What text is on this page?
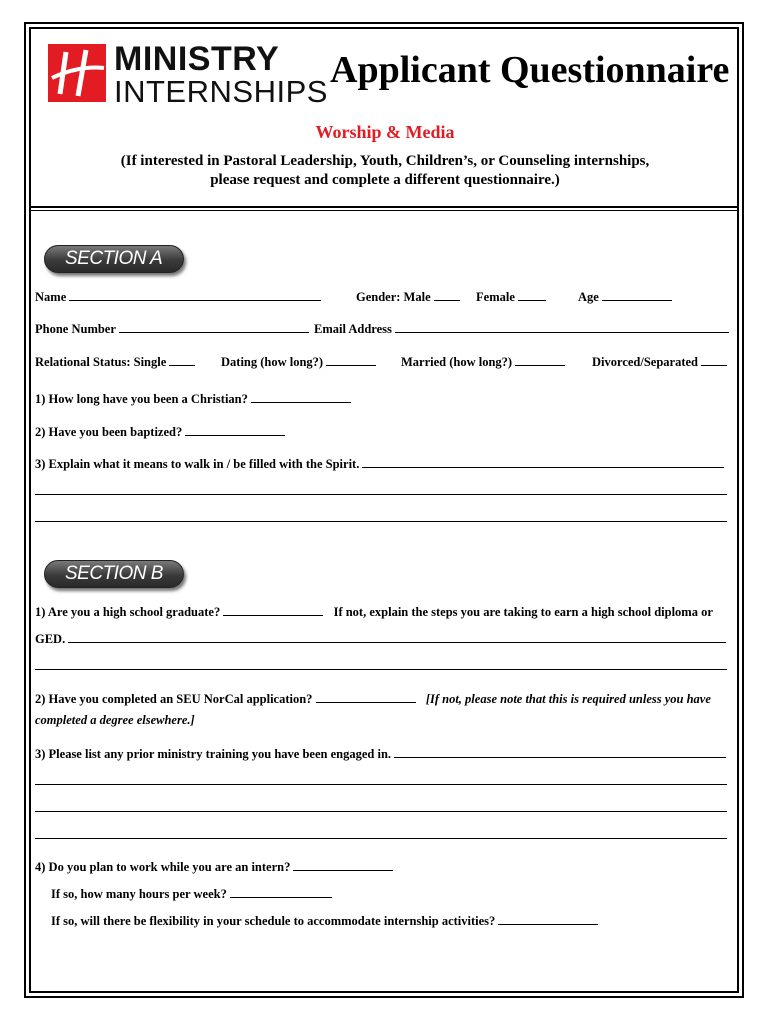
MINISTRY
INTERNSHIPS
Applicant Questionnaire
Worship & Media
(If interested in Pastoral Leadership, Youth, Children’s, or Counseling internships,
please request and complete a different questionnaire.)
SECTION A
Name	Gender: Male	Female	Age
Phone Number	Email Address
Relational Status: Single	Dating (how long?)	Married (how long?)	Divorced/Separated
1) How long have you been a Christian?
2) Have you been baptized?
3) Explain what it means to walk in / be filled with the Spirit.
SECTION B
1) Are you a high school graduate?	If not, explain the steps you are taking to earn a high school diploma or
GED.
2) Have you completed an SEU NorCal application?	[If not, please note that this is required unless you have
completed a degree elsewhere.]
3) Please list any prior ministry training you have been engaged in.
4) Do you plan to work while you are an intern?
If so, how many hours per week?
If so, will there be flexibility in your schedule to accommodate internship activities?
